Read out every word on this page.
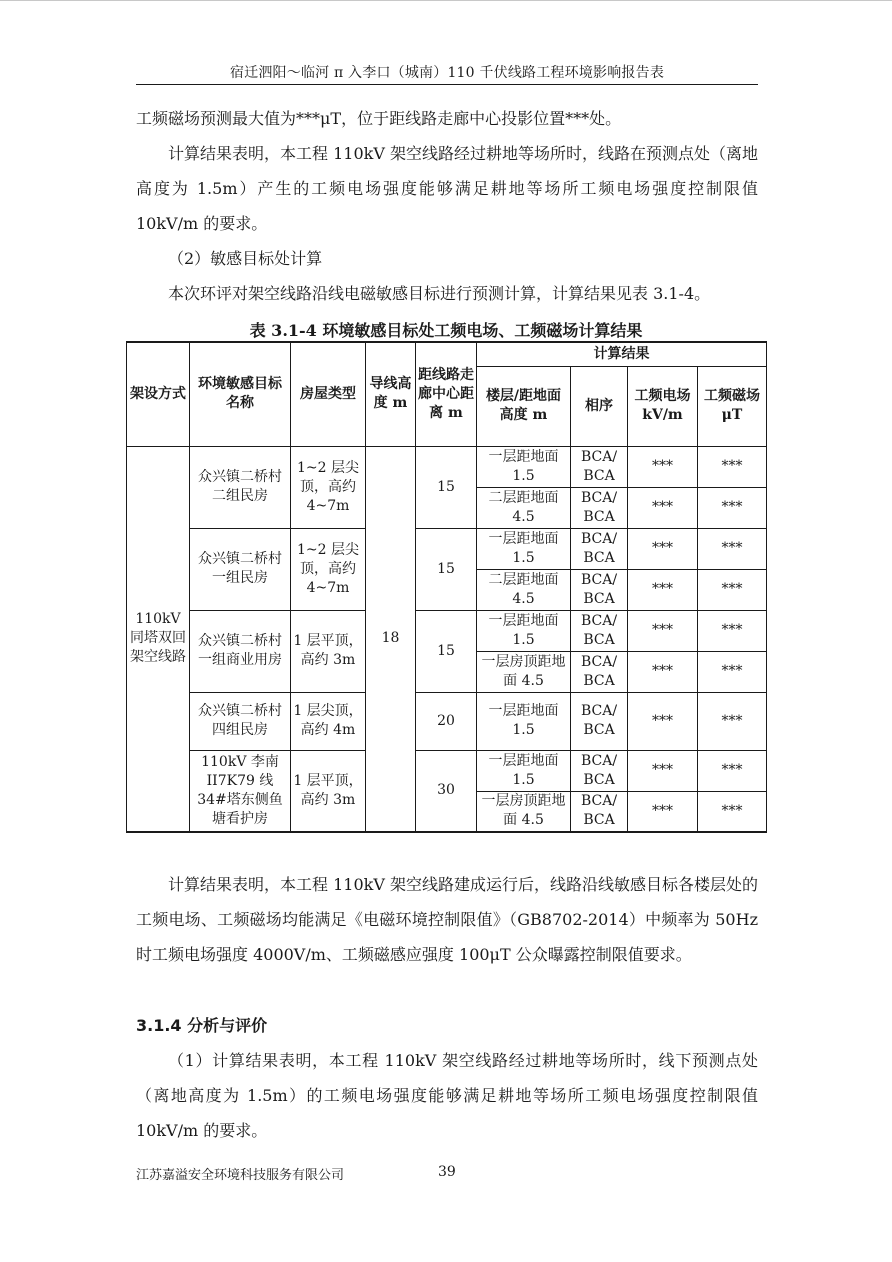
宿迁泗阳～临河 π 入李口（城南）110 千伏线路工程环境影响报告表

工频磁场预测最大值为***μT，位于距线路走廊中心投影位置***处。

计算结果表明，本工程 110kV 架空线路经过耕地等场所时，线路在预测点处（离地高度为 1.5m）产生的工频电场强度能够满足耕地等场所工频电场强度控制限值 10kV/m 的要求。

（2）敏感目标处计算

本次环评对架空线路沿线电磁敏感目标进行预测计算，计算结果见表 3.1-4。

表 3.1-4 环境敏感目标处工频电场、工频磁场计算结果
架设方式	环境敏感目标名称	房屋类型	导线高度 m	距线路走廊中心距离 m	计算结果			
					楼层/距地面高度 m	相序	工频电场 kV/m	工频磁场μT
110kV 同塔双回架空线路	众兴镇二桥村二组民房	1~2 层尖顶，高约 4~7m	18	15	一层距地面 1.5	BCA/ BCA	***	***
					二层距地面 4.5	BCA/ BCA	***	***
	众兴镇二桥村一组民房	1~2 层尖顶，高约 4~7m		15	一层距地面 1.5	BCA/ BCA	***	***
					二层距地面 4.5	BCA/ BCA	***	***
	众兴镇二桥村一组商业用房	1 层平顶，高约 3m		15	一层距地面 1.5	BCA/ BCA	***	***
					一层房顶距地面 4.5	BCA/ BCA	***	***
	众兴镇二桥村四组民房	1 层尖顶，高约 4m		20	一层距地面 1.5	BCA/ BCA	***	***
	110kV 李南 II7K79 线 34#塔东侧鱼塘看护房	1 层平顶，高约 3m		30	一层距地面 1.5	BCA/ BCA	***	***
					一层房顶距地面 4.5	BCA/ BCA	***	***

计算结果表明，本工程 110kV 架空线路建成运行后，线路沿线敏感目标各楼层处的工频电场、工频磁场均能满足《电磁环境控制限值》（GB8702-2014）中频率为 50Hz 时工频电场强度 4000V/m、工频磁感应强度 100μT 公众曝露控制限值要求。

3.1.4 分析与评价

（1）计算结果表明，本工程 110kV 架空线路经过耕地等场所时，线下预测点处（离地高度为 1.5m）的工频电场强度能够满足耕地等场所工频电场强度控制限值 10kV/m 的要求。

江苏嘉溢安全环境科技服务有限公司	39
